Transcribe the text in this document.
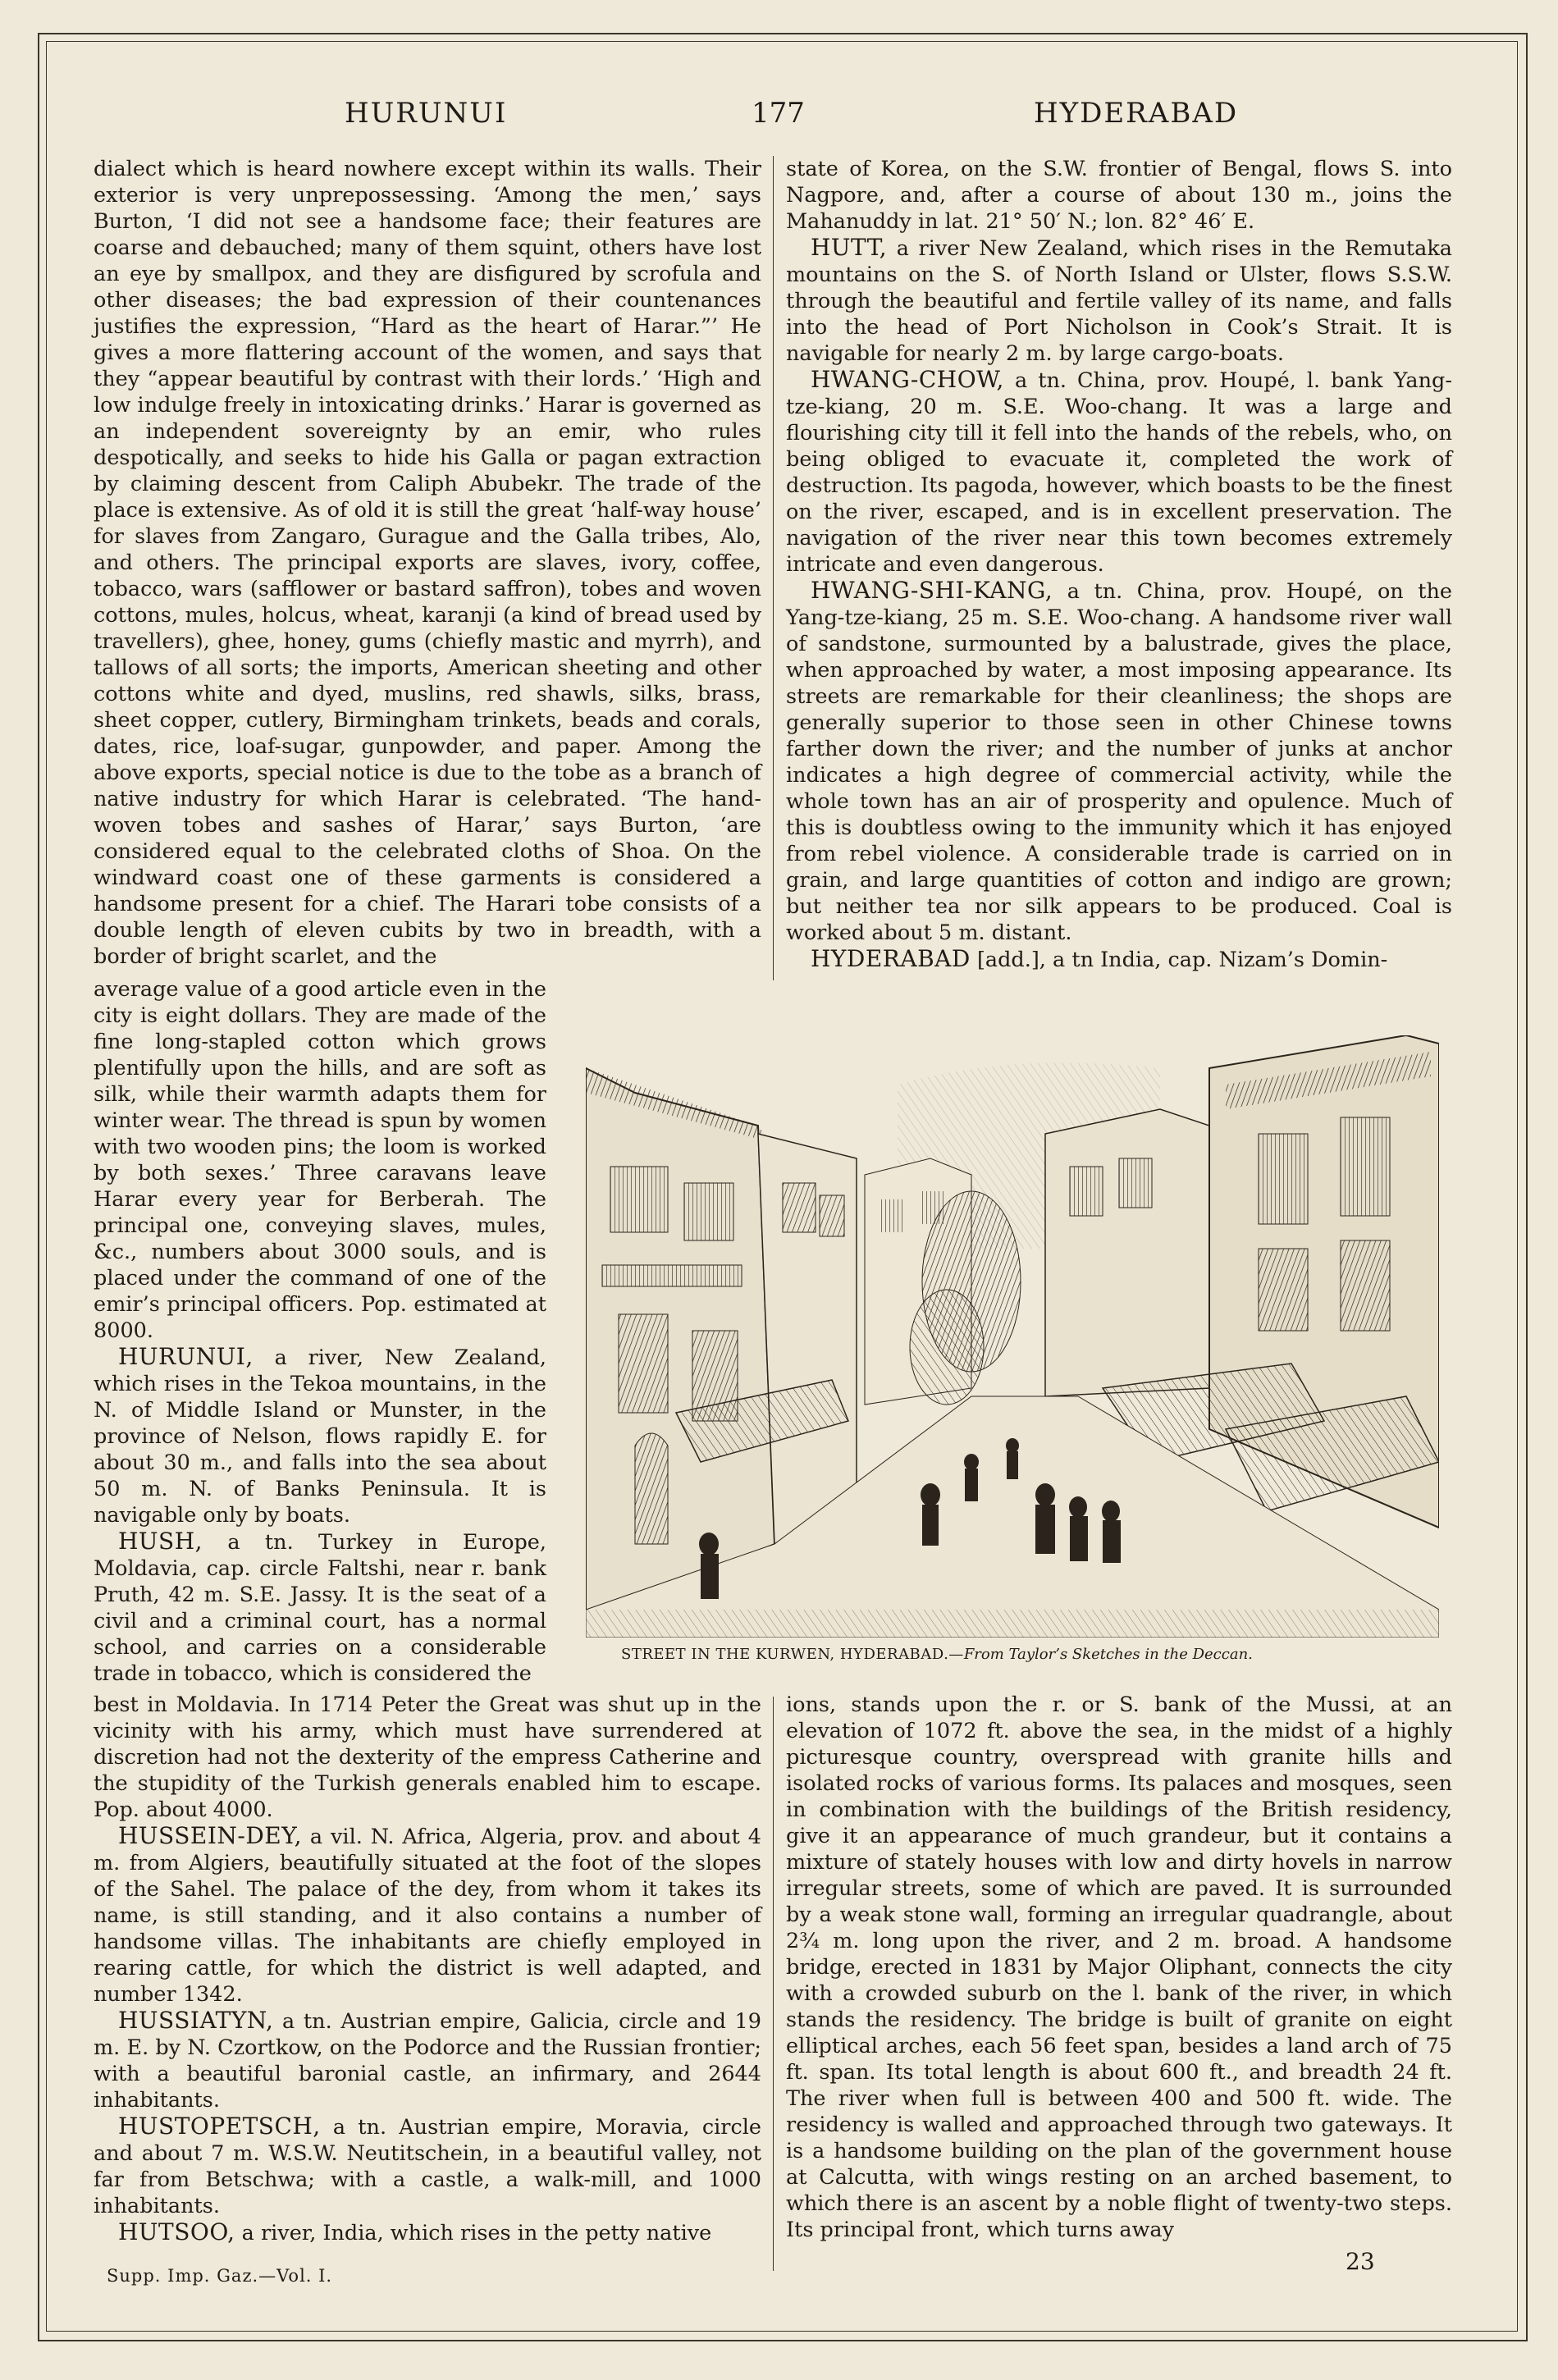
HURUNUI	177	HYDERABAD

dialect which is heard nowhere except within its walls. Their exterior is very unprepossessing. ‘Among the men,’ says Burton, ‘I did not see a handsome face; their features are coarse and debauched; many of them squint, others have lost an eye by smallpox, and they are disfigured by scrofula and other diseases; the bad expression of their countenances justifies the expression, “Hard as the heart of Harar.”’ He gives a more flattering account of the women, and says that they “appear beautiful by contrast with their lords.’ ‘High and low indulge freely in intoxicating drinks.’ Harar is governed as an independent sovereignty by an emir, who rules despotically, and seeks to hide his Galla or pagan extraction by claiming descent from Caliph Abubekr. The trade of the place is extensive. As of old it is still the great ‘half-way house’ for slaves from Zangaro, Gurague and the Galla tribes, Alo, and others. The principal exports are slaves, ivory, coffee, tobacco, wars (safflower or bastard saffron), tobes and woven cottons, mules, holcus, wheat, karanji (a kind of bread used by travellers), ghee, honey, gums (chiefly mastic and myrrh), and tallows of all sorts; the imports, American sheeting and other cottons white and dyed, muslins, red shawls, silks, brass, sheet copper, cutlery, Birmingham trinkets, beads and corals, dates, rice, loaf-sugar, gunpowder, and paper. Among the above exports, special notice is due to the tobe as a branch of native industry for which Harar is celebrated. ‘The hand-woven tobes and sashes of Harar,’ says Burton, ‘are considered equal to the celebrated cloths of Shoa. On the windward coast one of these garments is considered a handsome present for a chief. The Harari tobe consists of a double length of eleven cubits by two in breadth, with a border of bright scarlet, and the

average value of a good article even in the city is eight dollars. They are made of the fine long-stapled cotton which grows plentifully upon the hills, and are soft as silk, while their warmth adapts them for winter wear. The thread is spun by women with two wooden pins; the loom is worked by both sexes.’ Three caravans leave Harar every year for Berberah. The principal one, conveying slaves, mules, &c., numbers about 3000 souls, and is placed under the command of one of the emir’s principal officers. Pop. estimated at 8000.

HURUNUI, a river, New Zealand, which rises in the Tekoa mountains, in the N. of Middle Island or Munster, in the province of Nelson, flows rapidly E. for about 30 m., and falls into the sea about 50 m. N. of Banks Peninsula. It is navigable only by boats.

HUSH, a tn. Turkey in Europe, Moldavia, cap. circle Faltshi, near r. bank Pruth, 42 m. S.E. Jassy. It is the seat of a civil and a criminal court, has a normal school, and carries on a considerable trade in tobacco, which is considered the

state of Korea, on the S.W. frontier of Bengal, flows S. into Nagpore, and, after a course of about 130 m., joins the Mahanuddy in lat. 21° 50′ N.; lon. 82° 46′ E.

HUTT, a river New Zealand, which rises in the Remutaka mountains on the S. of North Island or Ulster, flows S.S.W. through the beautiful and fertile valley of its name, and falls into the head of Port Nicholson in Cook’s Strait. It is navigable for nearly 2 m. by large cargo-boats.

HWANG-CHOW, a tn. China, prov. Houpé, l. bank Yang-tze-kiang, 20 m. S.E. Woo-chang. It was a large and flourishing city till it fell into the hands of the rebels, who, on being obliged to evacuate it, completed the work of destruction. Its pagoda, however, which boasts to be the finest on the river, escaped, and is in excellent preservation. The navigation of the river near this town becomes extremely intricate and even dangerous.

HWANG-SHI-KANG, a tn. China, prov. Houpé, on the Yang-tze-kiang, 25 m. S.E. Woo-chang. A handsome river wall of sandstone, surmounted by a balustrade, gives the place, when approached by water, a most imposing appearance. Its streets are remarkable for their cleanliness; the shops are generally superior to those seen in other Chinese towns farther down the river; and the number of junks at anchor indicates a high degree of commercial activity, while the whole town has an air of prosperity and opulence. Much of this is doubtless owing to the immunity which it has enjoyed from rebel violence. A considerable trade is carried on in grain, and large quantities of cotton and indigo are grown; but neither tea nor silk appears to be produced. Coal is worked about 5 m. distant.

HYDERABAD [add.], a tn India, cap. Nizam’s Domin-

STREET IN THE KURWEN, HYDERABAD.—From Taylor’s Sketches in the Deccan.

best in Moldavia. In 1714 Peter the Great was shut up in the vicinity with his army, which must have surrendered at discretion had not the dexterity of the empress Catherine and the stupidity of the Turkish generals enabled him to escape. Pop. about 4000.

HUSSEIN-DEY, a vil. N. Africa, Algeria, prov. and about 4 m. from Algiers, beautifully situated at the foot of the slopes of the Sahel. The palace of the dey, from whom it takes its name, is still standing, and it also contains a number of handsome villas. The inhabitants are chiefly employed in rearing cattle, for which the district is well adapted, and number 1342.

HUSSIATYN, a tn. Austrian empire, Galicia, circle and 19 m. E. by N. Czortkow, on the Podorce and the Russian frontier; with a beautiful baronial castle, an infirmary, and 2644 inhabitants.

HUSTOPETSCH, a tn. Austrian empire, Moravia, circle and about 7 m. W.S.W. Neutitschein, in a beautiful valley, not far from Betschwa; with a castle, a walk-mill, and 1000 inhabitants.

HUTSOO, a river, India, which rises in the petty native

ions, stands upon the r. or S. bank of the Mussi, at an elevation of 1072 ft. above the sea, in the midst of a highly picturesque country, overspread with granite hills and isolated rocks of various forms. Its palaces and mosques, seen in combination with the buildings of the British residency, give it an appearance of much grandeur, but it contains a mixture of stately houses with low and dirty hovels in narrow irregular streets, some of which are paved. It is surrounded by a weak stone wall, forming an irregular quadrangle, about 2¾ m. long upon the river, and 2 m. broad. A handsome bridge, erected in 1831 by Major Oliphant, connects the city with a crowded suburb on the l. bank of the river, in which stands the residency. The bridge is built of granite on eight elliptical arches, each 56 feet span, besides a land arch of 75 ft. span. Its total length is about 600 ft., and breadth 24 ft. The river when full is between 400 and 500 ft. wide. The residency is walled and approached through two gateways. It is a handsome building on the plan of the government house at Calcutta, with wings resting on an arched basement, to which there is an ascent by a noble flight of twenty-two steps. Its principal front, which turns away

Supp. Imp. Gaz.—Vol. I.
23
